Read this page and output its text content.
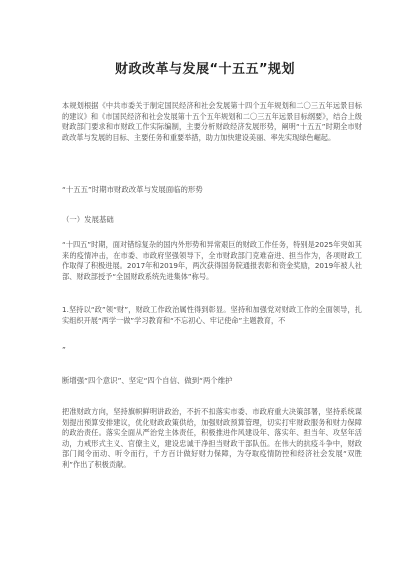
财政改革与发展“十五五”规划
本规划根据《中共市委关于制定国民经济和社会发展第十四个五年规划和二〇三五年远景目标的建议》和《市国民经济和社会发展第十五个五年规划和二〇三五年远景目标纲要》，结合上级财政部门要求和市财政工作实际编制，主要分析财政经济发展形势，阐明“十五五”时期全市财政改革与发展的目标、主要任务和重要举措，助力加快建设美丽、率先实现绿色崛起。
“十五五”时期市财政改革与发展面临的形势
（一）发展基础
“十四五”时期，面对错综复杂的国内外形势和异常艰巨的财政工作任务，特别是2025年突如其来的疫情冲击，在市委、市政府坚强领导下，全市财政部门克难奋进、担当作为，各项财政工作取得了积极进展。2017年和2019年，两次获得国务院通报表彰和资金奖励，2019年被人社部、财政部授予“全国财政系统先进集体”称号。
1.坚持以“政”领“财”，财政工作政治属性得到彰显。坚持和加强党对财政工作的全面领导，扎实组织开展“两学一做”学习教育和“不忘初心、牢记使命”主题教育，不
”
断增强“四个意识”、坚定“四个自信、做到“两个维护
把准财政方向，坚持旗帜鲜明讲政治，不折不扣落实市委、市政府重大决策部署，坚持系统谋划提出预算安排建议，优化财政政策供给，加强财政预算管理，切实打牢财政服务和财力保障的政治责任。落实全面从严治党主体责任，积极推进作风建设年、落实年、担当年、攻坚年活动，力戒形式主义、官僚主义，建设忠诚干净担当财政干部队伍。在伟大的抗疫斗争中，财政部门闻令而动、听令而行，千方百计做好财力保障，为夺取疫情防控和经济社会发展“双胜利”作出了积极贡献。
